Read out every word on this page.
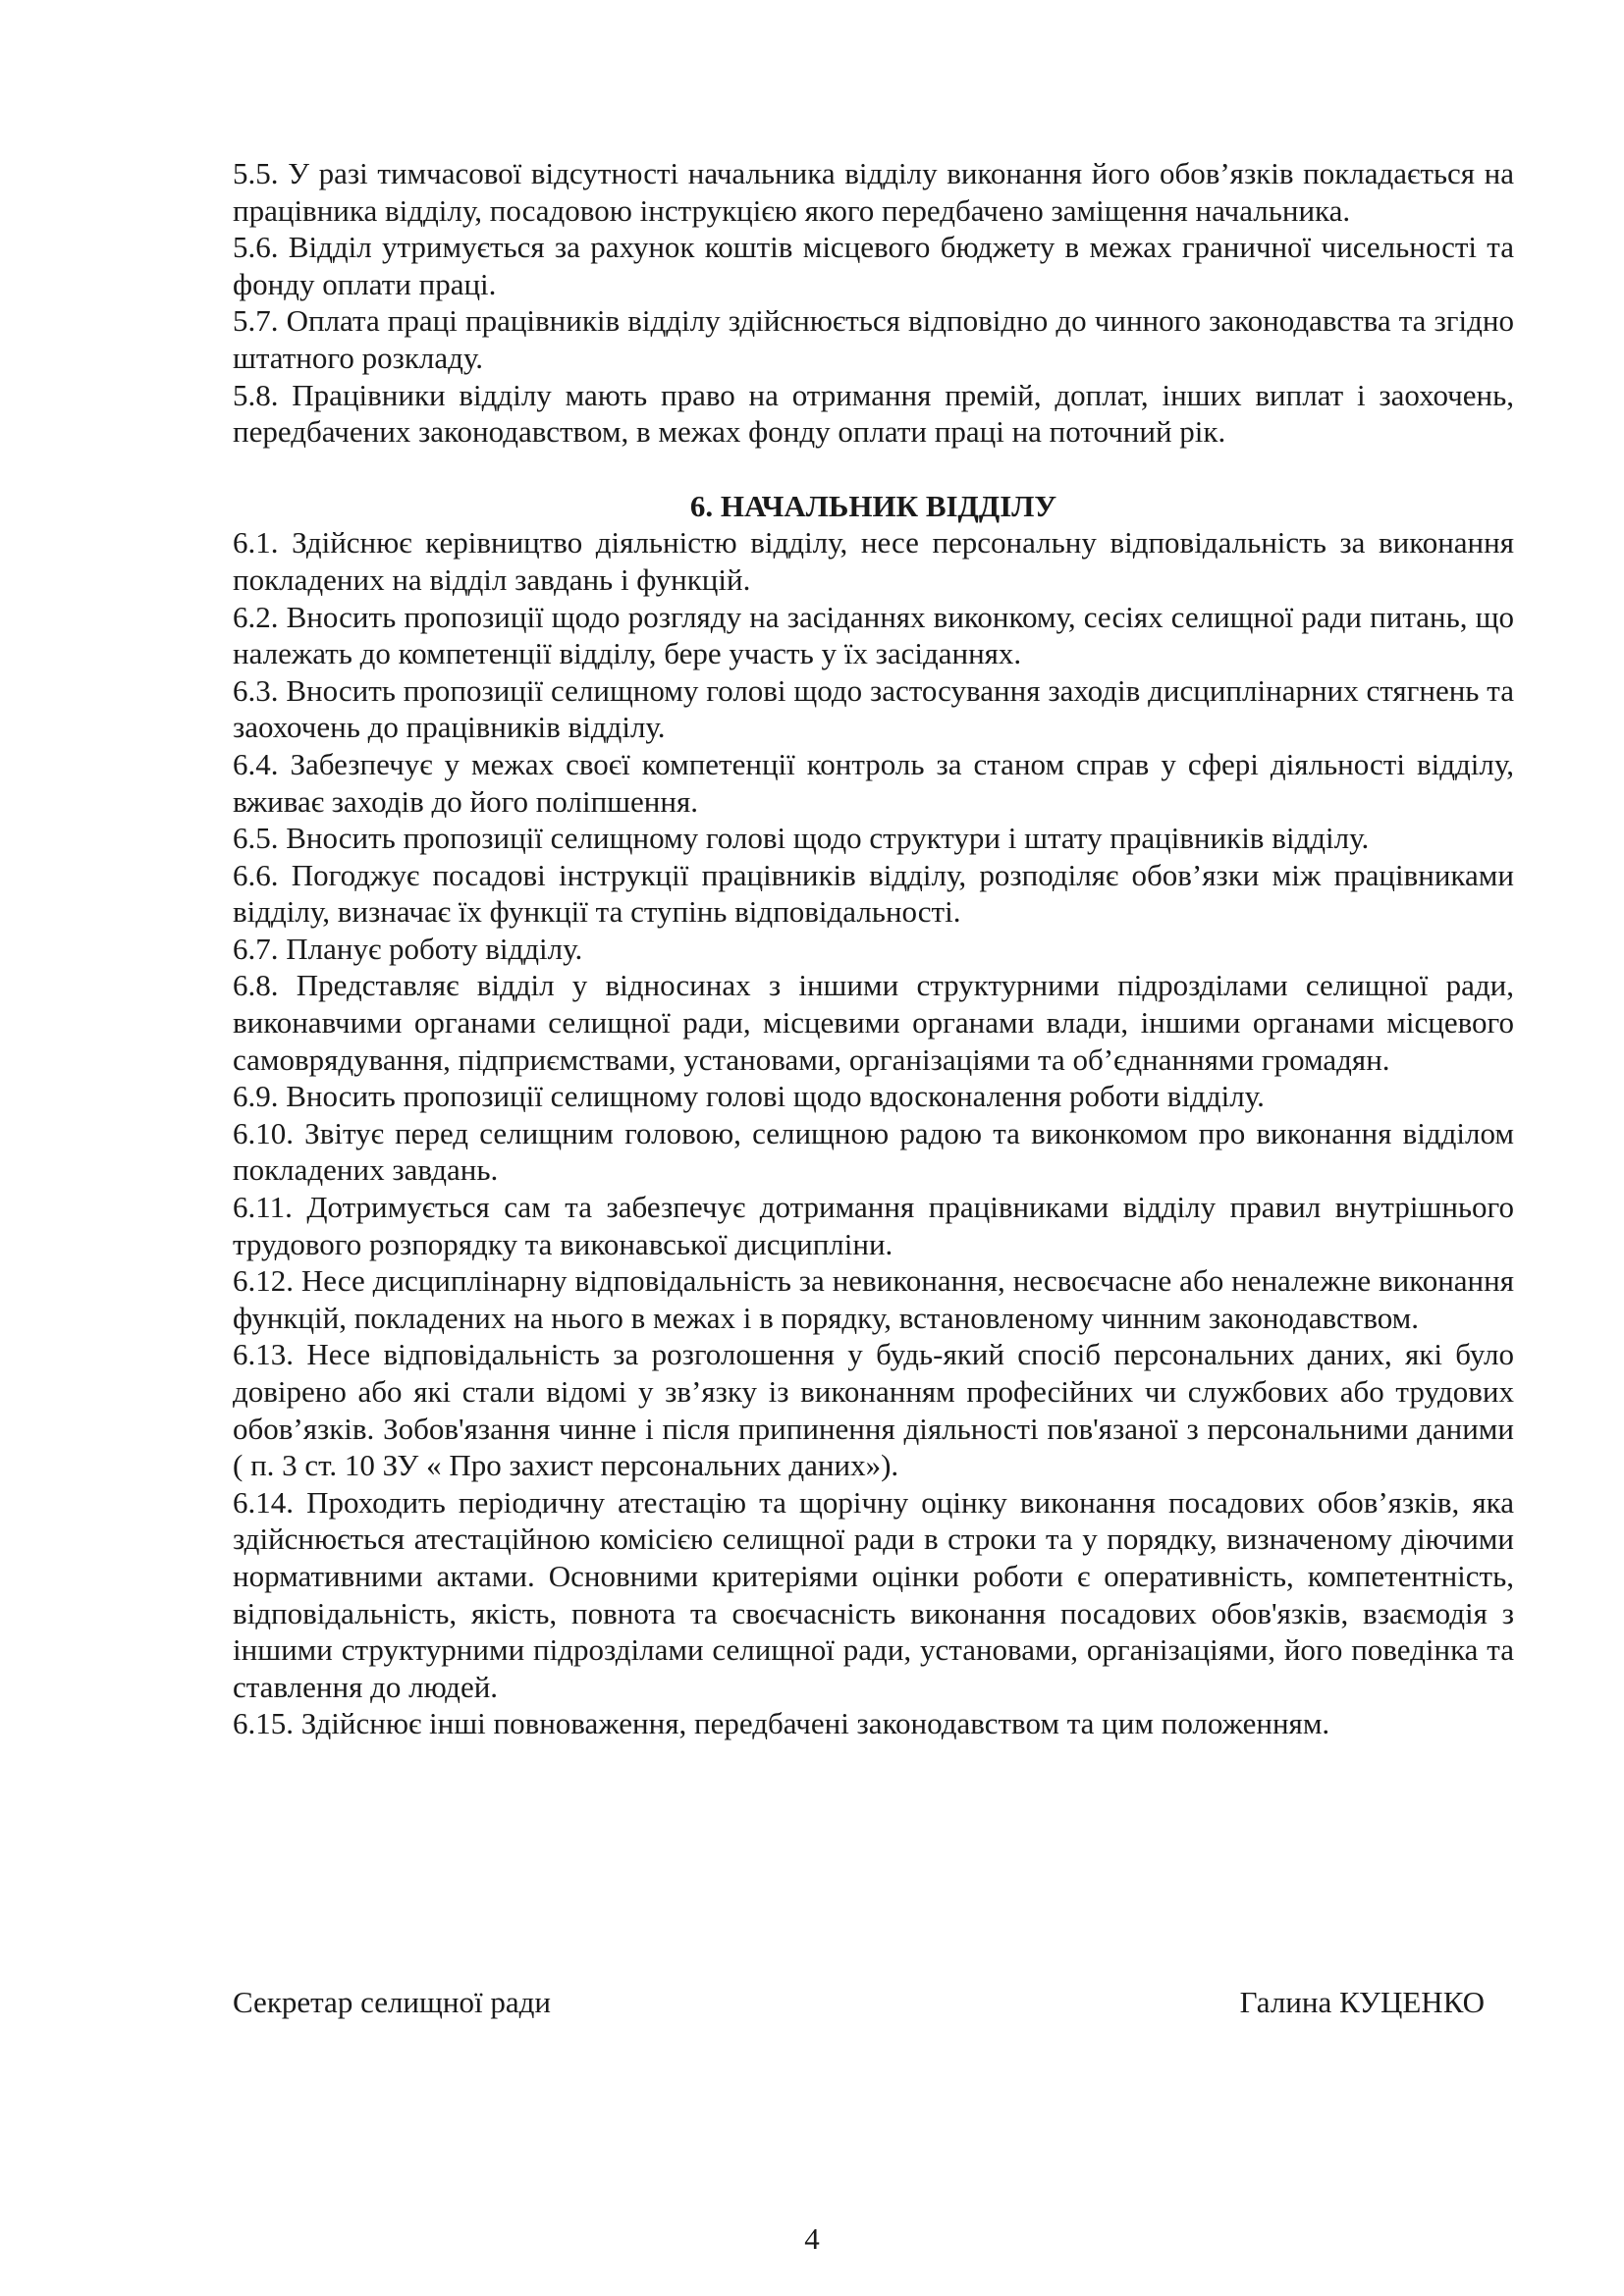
5.5. У разі тимчасової відсутності начальника відділу виконання його обов’язків покладається на працівника відділу, посадовою інструкцією якого передбачено заміщення начальника.

5.6. Відділ утримується за рахунок коштів місцевого бюджету в межах граничної чисельності та фонду оплати праці.

5.7. Оплата праці працівників відділу здійснюється відповідно до чинного законодавства та згідно штатного розкладу.

5.8. Працівники відділу мають право на отримання премій, доплат, інших виплат і заохочень, передбачених законодавством, в межах фонду оплати праці на поточний рік.

6. НАЧАЛЬНИК ВІДДІЛУ

6.1. Здійснює керівництво діяльністю відділу, несе персональну відповідальність за виконання покладених на відділ завдань і функцій.

6.2. Вносить пропозиції щодо розгляду на засіданнях виконкому, сесіях селищної ради питань, що належать до компетенції відділу, бере участь у їх засіданнях.

6.3. Вносить пропозиції селищному голові щодо застосування заходів дисциплінарних стягнень та заохочень до працівників відділу.

6.4. Забезпечує у межах своєї компетенції контроль за станом справ у сфері діяльності відділу, вживає заходів до його поліпшення.

6.5. Вносить пропозиції селищному голові щодо структури і штату працівників відділу.

6.6. Погоджує посадові інструкції працівників відділу, розподіляє обов’язки між працівниками відділу, визначає їх функції та ступінь відповідальності.

6.7. Планує роботу відділу.

6.8. Представляє відділ у відносинах з іншими структурними підрозділами селищної ради, виконавчими органами селищної ради, місцевими органами влади, іншими органами місцевого самоврядування, підприємствами, установами, організаціями та об’єднаннями громадян.

6.9. Вносить пропозиції селищному голові щодо вдосконалення роботи відділу.

6.10. Звітує перед селищним головою, селищною радою та виконкомом про виконання відділом покладених завдань.

6.11. Дотримується сам та забезпечує дотримання працівниками відділу правил внутрішнього трудового розпорядку та виконавської дисципліни.

6.12. Несе дисциплінарну відповідальність за невиконання, несвоєчасне або неналежне виконання функцій, покладених на нього в межах і в порядку, встановленому чинним законодавством.

6.13. Несе відповідальність за розголошення у будь-який спосіб персональних даних, які було довірено або які стали відомі у зв’язку із виконанням професійних чи службових або трудових обов’язків. Зобов'язання чинне і після припинення діяльності пов'язаної з персональними даними ( п. 3 ст. 10 ЗУ « Про захист персональних даних»).

6.14. Проходить періодичну атестацію та щорічну оцінку виконання посадових обов’язків, яка здійснюється атестаційною комісією селищної ради в строки та у порядку, визначеному діючими нормативними актами. Основними критеріями оцінки роботи є оперативність, компетентність, відповідальність, якість, повнота та своєчасність виконання посадових обов'язків, взаємодія з іншими структурними підрозділами селищної ради, установами, організаціями, його поведінка та ставлення до людей.

6.15. Здійснює інші повноваження, передбачені законодавством та цим положенням.

Секретар селищної ради	Галина КУЦЕНКО
4
